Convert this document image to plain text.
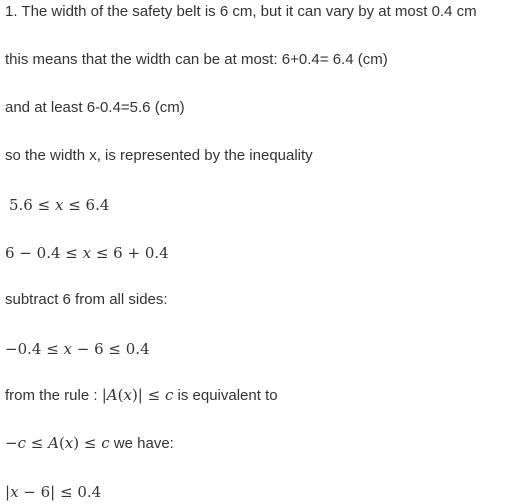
1. The width of the safety belt is 6 cm, but it can vary by at most 0.4 cm
this means that the width can be at most: 6+0.4= 6.4 (cm)
and at least 6-0.4=5.6 (cm)
so the width x, is represented by the inequality
5.6 ≤ x ≤ 6.4
6 − 0.4 ≤ x ≤ 6 + 0.4
subtract 6 from all sides:
−0.4 ≤ x − 6 ≤ 0.4
from the rule : |A(x)| ≤ c is equivalent to
−c ≤ A(x) ≤ c we have:
|x − 6| ≤ 0.4
